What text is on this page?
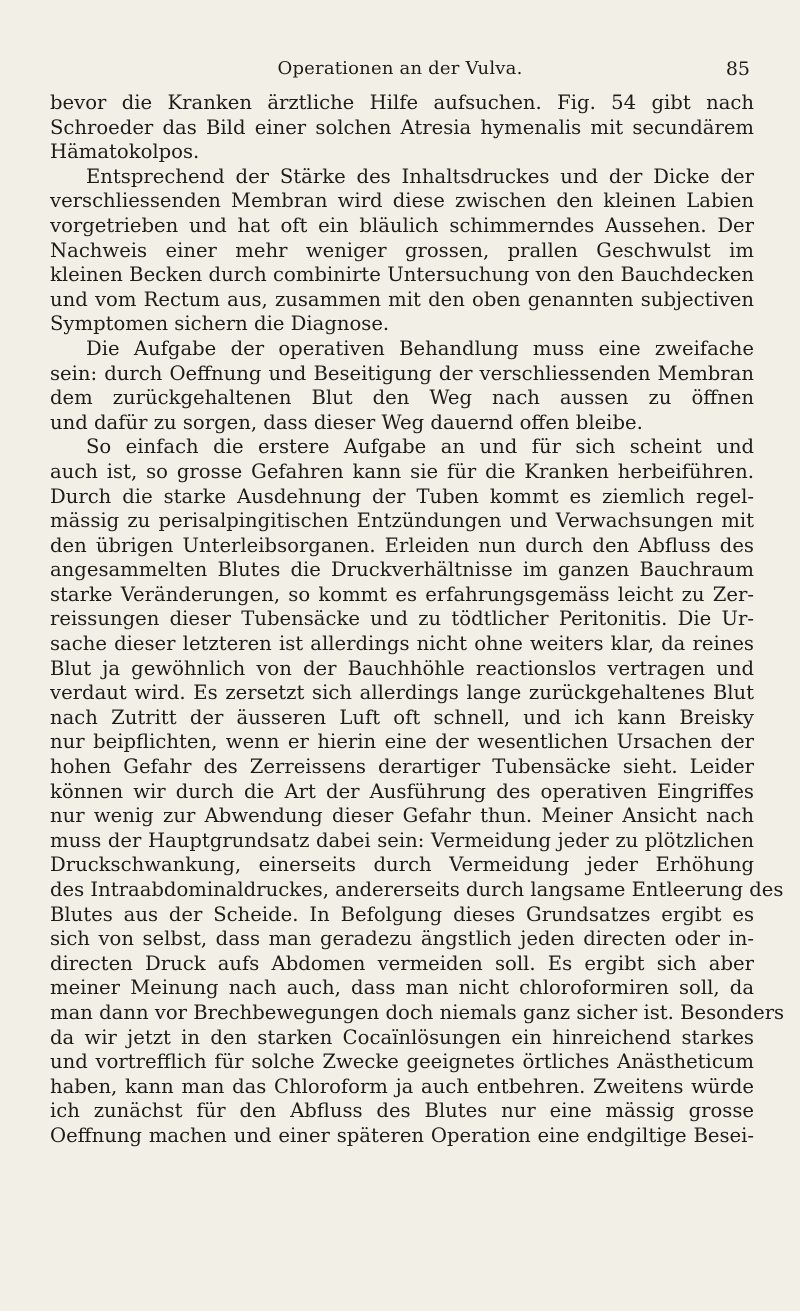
Operationen an der Vulva.	85
bevor die Kranken ärztliche Hilfe aufsuchen. Fig. 54 gibt nach
Schroeder das Bild einer solchen Atresia hymenalis mit secundärem
Hämatokolpos.
Entsprechend der Stärke des Inhaltsdruckes und der Dicke der
verschliessenden Membran wird diese zwischen den kleinen Labien
vorgetrieben und hat oft ein bläulich schimmerndes Aussehen. Der
Nachweis einer mehr weniger grossen, prallen Geschwulst im
kleinen Becken durch combinirte Untersuchung von den Bauchdecken
und vom Rectum aus, zusammen mit den oben genannten subjectiven
Symptomen sichern die Diagnose.
Die Aufgabe der operativen Behandlung muss eine zweifache
sein: durch Oeffnung und Beseitigung der verschliessenden Membran
dem zurückgehaltenen Blut den Weg nach aussen zu öffnen
und dafür zu sorgen, dass dieser Weg dauernd offen bleibe.
So einfach die erstere Aufgabe an und für sich scheint und
auch ist, so grosse Gefahren kann sie für die Kranken herbeiführen.
Durch die starke Ausdehnung der Tuben kommt es ziemlich regel-
mässig zu perisalpingitischen Entzündungen und Verwachsungen mit
den übrigen Unterleibsorganen. Erleiden nun durch den Abfluss des
angesammelten Blutes die Druckverhältnisse im ganzen Bauchraum
starke Veränderungen, so kommt es erfahrungsgemäss leicht zu Zer-
reissungen dieser Tubensäcke und zu tödtlicher Peritonitis. Die Ur-
sache dieser letzteren ist allerdings nicht ohne weiters klar, da reines
Blut ja gewöhnlich von der Bauchhöhle reactionslos vertragen und
verdaut wird. Es zersetzt sich allerdings lange zurückgehaltenes Blut
nach Zutritt der äusseren Luft oft schnell, und ich kann Breisky
nur beipflichten, wenn er hierin eine der wesentlichen Ursachen der
hohen Gefahr des Zerreissens derartiger Tubensäcke sieht. Leider
können wir durch die Art der Ausführung des operativen Eingriffes
nur wenig zur Abwendung dieser Gefahr thun. Meiner Ansicht nach
muss der Hauptgrundsatz dabei sein: Vermeidung jeder zu plötzlichen
Druckschwankung, einerseits durch Vermeidung jeder Erhöhung
des Intraabdominaldruckes, andererseits durch langsame Entleerung des
Blutes aus der Scheide. In Befolgung dieses Grundsatzes ergibt es
sich von selbst, dass man geradezu ängstlich jeden directen oder in-
directen Druck aufs Abdomen vermeiden soll. Es ergibt sich aber
meiner Meinung nach auch, dass man nicht chloroformiren soll, da
man dann vor Brechbewegungen doch niemals ganz sicher ist. Besonders
da wir jetzt in den starken Cocaïnlösungen ein hinreichend starkes
und vortrefflich für solche Zwecke geeignetes örtliches Anästheticum
haben, kann man das Chloroform ja auch entbehren. Zweitens würde
ich zunächst für den Abfluss des Blutes nur eine mässig grosse
Oeffnung machen und einer späteren Operation eine endgiltige Besei-
